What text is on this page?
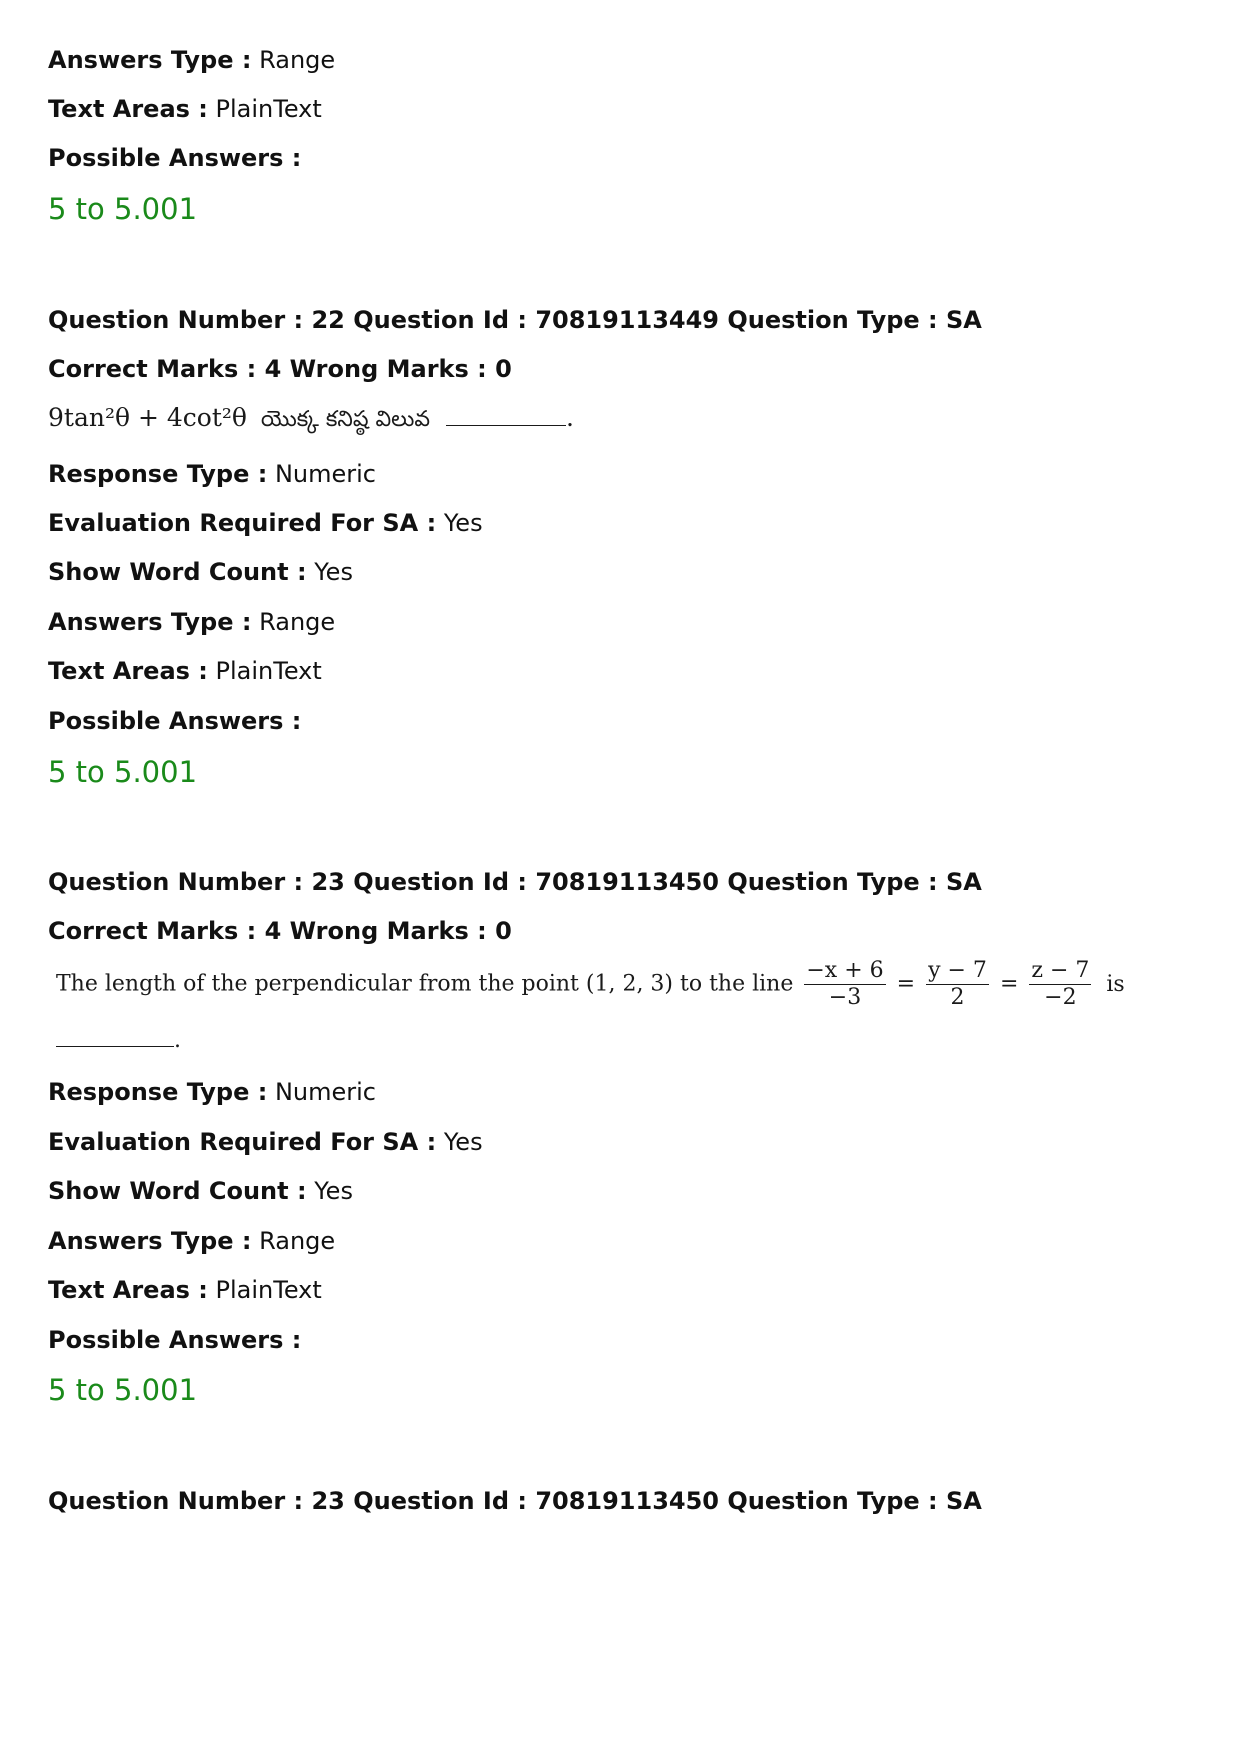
Answers Type : Range
Text Areas : PlainText
Possible Answers :
5 to 5.001
Question Number : 22 Question Id : 70819113449 Question Type : SA
Correct Marks : 4 Wrong Marks : 0
9tan²θ + 4cot²θ యొక్క కనిష్ఠ విలువ	.
Response Type : Numeric
Evaluation Required For SA : Yes
Show Word Count : Yes
Answers Type : Range
Text Areas : PlainText
Possible Answers :
5 to 5.001
Question Number : 23 Question Id : 70819113450 Question Type : SA
Correct Marks : 4 Wrong Marks : 0
The length of the perpendicular from the point (1, 2, 3) to the line $\frac{-x + 6}{-3} = \frac{y - 7}{2} = \frac{z - 7}{-2}$ is
.
Response Type : Numeric
Evaluation Required For SA : Yes
Show Word Count : Yes
Answers Type : Range
Text Areas : PlainText
Possible Answers :
5 to 5.001
Question Number : 23 Question Id : 70819113450 Question Type : SA
